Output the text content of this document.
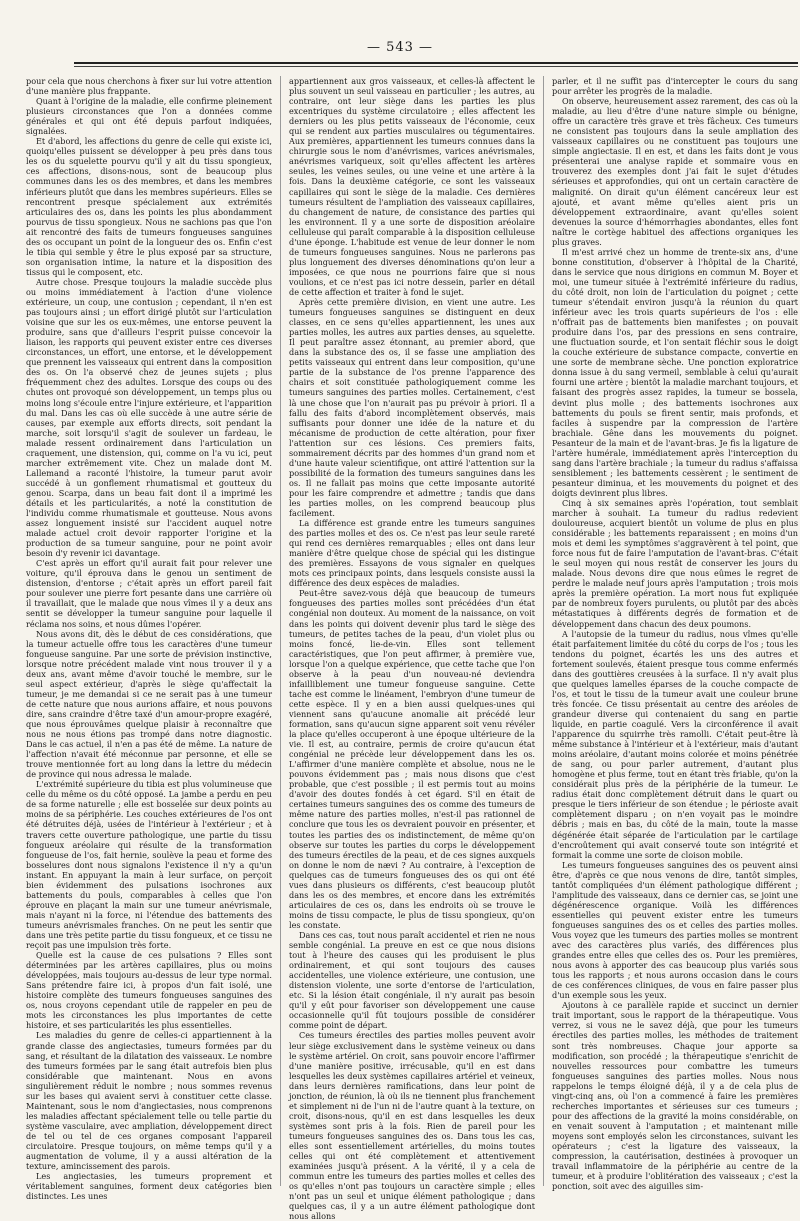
— 543 —

pour cela que nous cherchons à fixer sur lui votre attention d'une manière plus frappante.

Quant à l'origine de la maladie, elle confirme pleinement plusieurs circonstances que l'on a données comme générales et qui ont été depuis parfout indiquées, signalées.

Et d'abord, les affections du genre de celle qui existe ici, quoiqu'elles puissent se développer à peu près dans tous les os du squelette pourvu qu'il y ait du tissu spongieux, ces affections, disons-nous, sont de beaucoup plus communes dans les os des membres, et dans les membres inférieurs plutôt que dans les membres supérieurs. Elles se rencontrent presque spécialement aux extrémités articulaires des os, dans les points les plus abondamment pourvus de tissu spongieux. Nous ne sachions pas que l'on ait rencontré des faits de tumeurs fongueuses sanguines des os occupant un point de la longueur des os. Enfin c'est le tibia qui semble y être le plus exposé par sa structure, son organisation intime, la nature et la disposition des tissus qui le composent, etc.

Autre chose. Presque toujours la maladie succède plus ou moins immédiatement à l'action d'une violence extérieure, un coup, une contusion ; cependant, il n'en est pas toujours ainsi ; un effort dirigé plutôt sur l'articulation voisine que sur les os eux-mêmes, une entorse peuvent la produire, sans que d'ailleurs l'esprit puisse concevoir la liaison, les rapports qui peuvent exister entre ces diverses circonstances, un effort, une entorse, et le développement que prennent les vaisseaux qui entrent dans la composition des os. On l'a observé chez de jeunes sujets ; plus fréquemment chez des adultes. Lorsque des coups ou des chutes ont provoqué son développement, un temps plus ou moins long s'écoule entre l'injure extérieure, et l'apparition du mal. Dans les cas où elle succède à une autre série de causes, par exemple aux efforts directs, soit pendant la marche, soit lorsqu'il s'agit de soulever un fardeau, le malade ressent ordinairement dans l'articulation un craquement, une distension, qui, comme on l'a vu ici, peut marcher extrêmement vite. Chez un malade dont M. Lallemand a raconté l'histoire, la tumeur parut avoir succédé à un gonflement rhumatismal et goutteux du genou. Scarpa, dans un beau fait dont il a imprimé les détails et les particularités, a noté la constitution de l'individu comme rhumatismale et goutteuse. Nous avons assez longuement insisté sur l'accident auquel notre malade actuel croit devoir rapporter l'origine et la production de sa tumeur sanguine, pour ne point avoir besoin d'y revenir ici davantage.

C'est après un effort qu'il aurait fait pour relever une voiture, qu'il éprouva dans le genou un sentiment de distension, d'entorse ; c'était après un effort pareil fait pour soulever une pierre fort pesante dans une carrière où il travaillait, que le malade que nous vîmes il y a deux ans sentit se développer la tumeur sanguine pour laquelle il réclama nos soins, et nous dûmes l'opérer.

Nous avons dit, dès le début de ces considérations, que la tumeur actuelle offre tous les caractères d'une tumeur fongueuse sanguine. Par une sorte de prévision instinctive, lorsque notre précédent malade vint nous trouver il y a deux ans, avant même d'avoir touché le membre, sur le seul aspect extérieur, d'après le siège qu'affectait la tumeur, je me demandai si ce ne serait pas à une tumeur de cette nature que nous aurions affaire, et nous pouvons dire, sans craindre d'être taxé d'un amour-propre exagéré, que nous éprouvâmes quelque plaisir à reconnaître que nous ne nous étions pas trompé dans notre diagnostic. Dans le cas actuel, il n'en a pas été de même. La nature de l'affection n'avait été méconnue par personne, et elle se trouve mentionnée fort au long dans la lettre du médecin de province qui nous adressa le malade.

L'extrémité supérieure du tibia est plus volumineuse que celle du même os du côté opposé. La jambe a perdu en peu de sa forme naturelle ; elle est bosselée sur deux points au moins de sa périphérie. Les couches extérieures de l'os ont été détruites déjà, usées de l'intérieur à l'extérieur ; et à travers cette ouverture pathologique, une partie du tissu fongueux aréolaire qui résulte de la transformation fongueuse de l'os, fait hernie, soulève la peau et forme des bosselures dont nous signalons l'existence il n'y a qu'un instant. En appuyant la main à leur surface, on perçoit bien évidemment des pulsations isochrones aux battements du pouls, comparables à celles que l'on éprouve en plaçant la main sur une tumeur anévrismale, mais n'ayant ni la force, ni l'étendue des battements des tumeurs anévrismales franches. On ne peut les sentir que dans une très petite partie du tissu fongueux, et ce tissu ne reçoit pas une impulsion très forte.

Quelle est la cause de ces pulsations ? Elles sont déterminées par les artères capillaires, plus ou moins développées, mais toujours au-dessus de leur type normal. Sans prétendre faire ici, à propos d'un fait isolé, une histoire complète des tumeurs fongueuses sanguines des os, nous croyons cependant utile de rappeler en peu de mots les circonstances les plus importantes de cette histoire, et ses particularités les plus essentielles.

Les maladies du genre de celles-ci appartiennent à la grande classe des angiectasies, tumeurs formées par du sang, et résultant de la dilatation des vaisseaux. Le nombre des tumeurs formées par le sang était autrefois bien plus considérable que maintenant. Nous en avons singulièrement réduit le nombre ; nous sommes revenus sur les bases qui avaient servi à constituer cette classe. Maintenant, sous le nom d'angiectasies, nous comprenons les maladies affectant spécialement telle ou telle partie du système vasculaire, avec ampliation, développement direct de tel ou tel de ces organes composant l'appareil circulatoire. Presque toujours, on même temps qu'il y a augmentation de volume, il y a aussi altération de la texture, amincissement des parois.

Les angiectasies, les tumeurs proprement et véritablement sanguines, forment deux catégories bien distinctes. Les unes

appartiennent aux gros vaisseaux, et celles-là affectent le plus souvent un seul vaisseau en particulier ; les autres, au contraire, ont leur siège dans les parties les plus excentriques du système circulatoire ; elles affectent les derniers ou les plus petits vaisseaux de l'économie, ceux qui se rendent aux parties musculaires ou tégumentaires. Aux premières, appartiennent les tumeurs connues dans la chirurgie sous le nom d'anévrismes, varices anévrismales, anévrismes variqueux, soit qu'elles affectent les artères seules, les veines seules, ou une veine et une artère à la fois. Dans la deuxième catégorie, ce sont les vaisseaux capillaires qui sont le siège de la maladie. Ces dernières tumeurs résultent de l'ampliation des vaisseaux capillaires, du changement de nature, de consistance des parties qui les environnent. Il y a une sorte de disposition aréolaire celluleuse qui paraît comparable à la disposition celluleuse d'une éponge. L'habitude est venue de leur donner le nom de tumeurs fongueuses sanguines. Nous ne parlerons pas plus longuement des diverses dénominations qu'on leur a imposées, ce que nous ne pourrions faire que si nous voulions, et ce n'est pas ici notre dessein, parler en détail de cette affection et traiter à fond le sujet.

Après cette première division, en vient une autre. Les tumeurs fongueuses sanguines se distinguent en deux classes, en ce sens qu'elles appartiennent, les unes aux parties molles, les autres aux parties denses, au squelette. Il peut paraître assez étonnant, au premier abord, que dans la substance des os, il se fasse une ampliation des petits vaisseaux qui entrent dans leur composition, qu'une partie de la substance de l'os prenne l'apparence des chairs et soit constituée pathologiquement comme les tumeurs sanguines des parties molles. Certainement, c'est là une chose que l'on n'aurait pas pu prévoir à priori. Il a fallu des faits d'abord incomplètement observés, mais suffisants pour donner une idée de la nature et du mécanisme de production de cette altération, pour fixer l'attention sur ces lésions. Ces premiers faits, sommairement décrits par des hommes d'un grand nom et d'une haute valeur scientifique, ont attiré l'attention sur la possibilité de la formation des tumeurs sanguines dans les os. Il ne fallait pas moins que cette imposante autorité pour les faire comprendre et admettre ; tandis que dans les parties molles, on les comprend beaucoup plus facilement.

La différence est grande entre les tumeurs sanguines des parties molles et des os. Ce n'est pas leur seule rareté qui rend ces dernières remarquables ; elles ont dans leur manière d'être quelque chose de spécial qui les distingue des premières. Essayons de vous signaler en quelques mots ces principaux points, dans lesquels consiste aussi la différence des deux espèces de maladies.

Peut-être savez-vous déjà que beaucoup de tumeurs fongueuses des parties molles sont précédées d'un état congénial non douteux. Au moment de la naissance, on voit dans les points qui doivent devenir plus tard le siège des tumeurs, de petites taches de la peau, d'un violet plus ou moins foncé, lie-de-vin. Elles sont tellement caractéristiques, que l'on peut affirmer, à première vue, lorsque l'on a quelque expérience, que cette tache que l'on observe à la peau d'un nouveau-né deviendra infailliblement une tumeur fongueuse sanguine. Cette tache est comme le linéament, l'embryon d'une tumeur de cette espèce. Il y en a bien aussi quelques-unes qui viennent sans qu'aucune anomalie ait précédé leur formation, sans qu'aucun signe apparent soit venu révéler la place qu'elles occuperont à une époque ultérieure de la vie. Il est, au contraire, permis de croire qu'aucun état congénial ne précède leur développement dans les os. L'affirmer d'une manière complète et absolue, nous ne le pouvons évidemment pas ; mais nous disons que c'est probable, que c'est possible ; il est permis tout au moins d'avoir des doutes fondés à cet égard. S'il en était de certaines tumeurs sanguines des os comme des tumeurs de même nature des parties molles, n'est-il pas rationnel de conclure que tous les os devraient pouvoir en présenter, et toutes les parties des os indistinctement, de même qu'on observe sur toutes les parties du corps le développement des tumeurs érectiles de la peau, et de ces signes auxquels on donne le nom de nævi ? Au contraire, à l'exception de quelques cas de tumeurs fongueuses des os qui ont été vues dans plusieurs os différents, c'est beaucoup plutôt dans les os des membres, et encore dans les extrémités articulaires de ces os, dans les endroits où se trouve le moins de tissu compacte, le plus de tissu spongieux, qu'on les constate.

Dans ces cas, tout nous paraît accidentel et rien ne nous semble congénial. La preuve en est ce que nous disions tout à l'heure des causes qui les produisent le plus ordinairement, et qui sont toujours des causes accidentelles, une violence extérieure, une contusion, une distension violente, une sorte d'entorse de l'articulation, etc. Si la lésion était congéniale, il n'y aurait pas besoin qu'il y eût pour favoriser son développement une cause occasionnelle qu'il fût toujours possible de considérer comme point de départ.

Ces tumeurs érectiles des parties molles peuvent avoir leur siège exclusivement dans le système veineux ou dans le système artériel. On croit, sans pouvoir encore l'affirmer d'une manière positive, irrécusable, qu'il en est dans lesquelles les deux systèmes capillaires artériel et veineux, dans leurs dernières ramifications, dans leur point de jonction, de réunion, là où ils ne tiennent plus franchement et simplement ni de l'un ni de l'autre quant à la texture, on croit, disons-nous, qu'il en est dans lesquelles les deux systèmes sont pris à la fois. Rien de pareil pour les tumeurs fongueuses sanguines des os. Dans tous les cas, elles sont essentiellement artérielles, du moins toutes celles qui ont été complètement et attentivement examinées jusqu'à présent. A la vérité, il y a cela de commun entre les tumeurs des parties molles et celles des os qu'elles n'ont pas toujours un caractère simple ; elles n'ont pas un seul et unique élément pathologique ; dans quelques cas, il y a un autre élément pathologique dont nous allons

parler, et il ne suffit pas d'intercepter le cours du sang pour arrêter les progrès de la maladie.

On observe, heureusement assez rarement, des cas où la maladie, au lieu d'être d'une nature simple ou bénigne, offre un caractère très grave et très fâcheux. Ces tumeurs ne consistent pas toujours dans la seule ampliation des vaisseaux capillaires ou ne constituent pas toujours une simple angiectasie. Il en est, et dans les faits dont je vous présenterai une analyse rapide et sommaire vous en trouverez des exemples dont j'ai fait le sujet d'études sérieuses et approfondies, qui ont un certain caractère de malignité. On dirait qu'un élément cancéreux leur est ajouté, et avant même qu'elles aient pris un développement extraordinaire, avant qu'elles soient devenues la source d'hémorrhagies abondantes, elles font naître le cortège habituel des affections organiques les plus graves.

Il m'est arrivé chez un homme de trente-six ans, d'une bonne constitution, d'observer à l'hôpital de la Charité, dans le service que nous dirigions en commun M. Boyer et moi, une tumeur située à l'extrémité inférieure du radius, du côté droit, non loin de l'articulation du poignet ; cette tumeur s'étendait environ jusqu'à la réunion du quart inférieur avec les trois quarts supérieurs de l'os : elle n'offrait pas de battements bien manifestes ; on pouvait produire dans l'os, par des pressions en sens contraire, une fluctuation sourde, et l'on sentait fléchir sous le doigt la couche extérieure de substance compacte, convertie en une sorte de membrane sèche. Une ponction exploratrice donna issue à du sang vermeil, semblable à celui qu'aurait fourni une artère ; bientôt la maladie marchant toujours, et faisant des progrès assez rapides, la tumeur se bossela, devint plus molle ; des battements isochrones aux battements du pouls se firent sentir, mais profonds, et faciles à suspendre par la compression de l'artère brachiale. Gêne dans les mouvements du poignet. Pesanteur de la main et de l'avant-bras. Je fis la ligature de l'artère humérale, immédiatement après l'interception du sang dans l'artère brachiale ; la tumeur du radius s'affaissa sensiblement ; les battements cessèrent ; le sentiment de pesanteur diminua, et les mouvements du poignet et des doigts devinrent plus libres.

Cinq à six semaines après l'opération, tout semblait marcher à souhait. La tumeur du radius redevient douloureuse, acquiert bientôt un volume de plus en plus considérable ; les battements reparaissent ; en moins d'un mois et demi les symptômes s'aggravèrent à tel point, que force nous fut de faire l'amputation de l'avant-bras. C'était le seul moyen qui nous restât de conserver les jours du malade. Nous devons dire que nous eûmes le regret de perdre le malade neuf jours après l'amputation ; trois mois après la première opération. La mort nous fut expliquée par de nombreux foyers purulents, ou plutôt par des abcès métastatiques à différents degrés de formation et de développement dans chacun des deux poumons.

A l'autopsie de la tumeur du radius, nous vîmes qu'elle était parfaitement limitée du côté du corps de l'os ; tous les tendons du poignet, écartés les uns des autres et fortement soulevés, étaient presque tous comme enfermés dans des gouttières creusées à la surface. Il n'y avait plus que quelques lamelles éparses de la couche compacte de l'os, et tout le tissu de la tumeur avait une couleur brune très foncée. Ce tissu présentait au centre des aréoles de grandeur diverse qui contenaient du sang en partie liquide, en partie coagulé. Vers la circonférence il avait l'apparence du squirrhe très ramolli. C'était peut-être là même substance à l'intérieur et à l'extérieur, mais d'autant moins aréolaire, d'autant moins colorée et moins pénétrée de sang, ou pour parler autrement, d'autant plus homogène et plus ferme, tout en étant très friable, qu'on la considérait plus près de la périphérie de la tumeur. Le radius était donc complètement détruit dans le quart ou presque le tiers inférieur de son étendue ; le périoste avait complètement disparu ; on n'en voyait pas le moindre débris ; mais en bas, du côté de la main, toute la masse dégénérée était séparée de l'articulation par le cartilage d'encroûtement qui avait conservé toute son intégrité et formait la comme une sorte de cloison mobile.

Les tumeurs fongueuses sanguines des os peuvent ainsi être, d'après ce que nous venons de dire, tantôt simples, tantôt compliquées d'un élément pathologique différent ; l'amplitude des vaisseaux, dans ce dernier cas, se joint une dégénérescence organique. Voilà les différences essentielles qui peuvent exister entre les tumeurs fongueuses sanguines des os et celles des parties molles. Vous voyez que les tumeurs des parties molles se montrent avec des caractères plus variés, des différences plus grandes entre elles que celles des os. Pour les premières, nous avons à apporter des cas beaucoup plus variés sous tous les rapports ; et nous aurons occasion dans le cours de ces conférences cliniques, de vous en faire passer plus d'un exemple sous les yeux.

Ajoutons à ce parallèle rapide et succinct un dernier trait important, sous le rapport de la thérapeutique. Vous verrez, si vous ne le savez déjà, que pour les tumeurs érectiles des parties molles, les méthodes de traitement sont très nombreuses. Chaque jour apporte sa modification, son procédé ; la thérapeutique s'enrichit de nouvelles ressources pour combattre les tumeurs fongueuses sanguines des parties molles. Nous nous rappelons le temps éloigné déjà, il y a de cela plus de vingt-cinq ans, où l'on a commencé à faire les premières recherches importantes et sérieuses sur ces tumeurs ; pour des affections de la gravité la moins considérable, on en venait souvent à l'amputation ; et maintenant mille moyens sont employés selon les circonstances, suivant les opérateurs ; c'est la ligature des vaisseaux, la compression, la cautérisation, destinées à provoquer un travail inflammatoire de la périphérie au centre de la tumeur, et à produire l'oblitération des vaisseaux ; c'est la ponction, soit avec des aiguilles sim-
